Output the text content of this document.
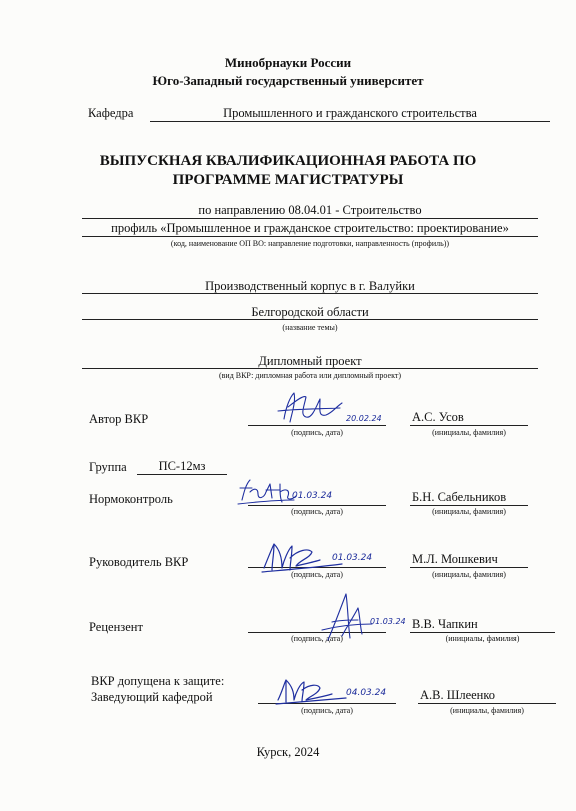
Минобрнауки России
Юго-Западный государственный университет
Кафедра	Промышленного и гражданского строительства
ВЫПУСКНАЯ КВАЛИФИКАЦИОННАЯ РАБОТА ПО
ПРОГРАММЕ МАГИСТРАТУРЫ
по направлению 08.04.01 - Строительство
профиль «Промышленное и гражданское строительство: проектирование»
(код, наименование ОП ВО: направление подготовки, направленность (профиль))
Производственный корпус в г. Валуйки
Белгородской области
(название темы)
Дипломный проект
(вид ВКР: дипломная работа или дипломный проект)
Автор ВКР
(подпись, дата)
А.С. Усов
(инициалы, фамилия)
20.02.24
Группа	ПС-12мз
Нормоконтроль
(подпись, дата)
Б.Н. Сабельников
(инициалы, фамилия)
01.03.24
Руководитель ВКР
(подпись, дата)
М.Л. Мошкевич
(инициалы, фамилия)
01.03.24
Рецензент
(подпись, дата)
В.В. Чапкин
(инициалы, фамилия)
01.03.24
ВКР допущена к защите:
Заведующий кафедрой
(подпись, дата)
А.В. Шлеенко
(инициалы, фамилия)
04.03.24
Курск, 2024
